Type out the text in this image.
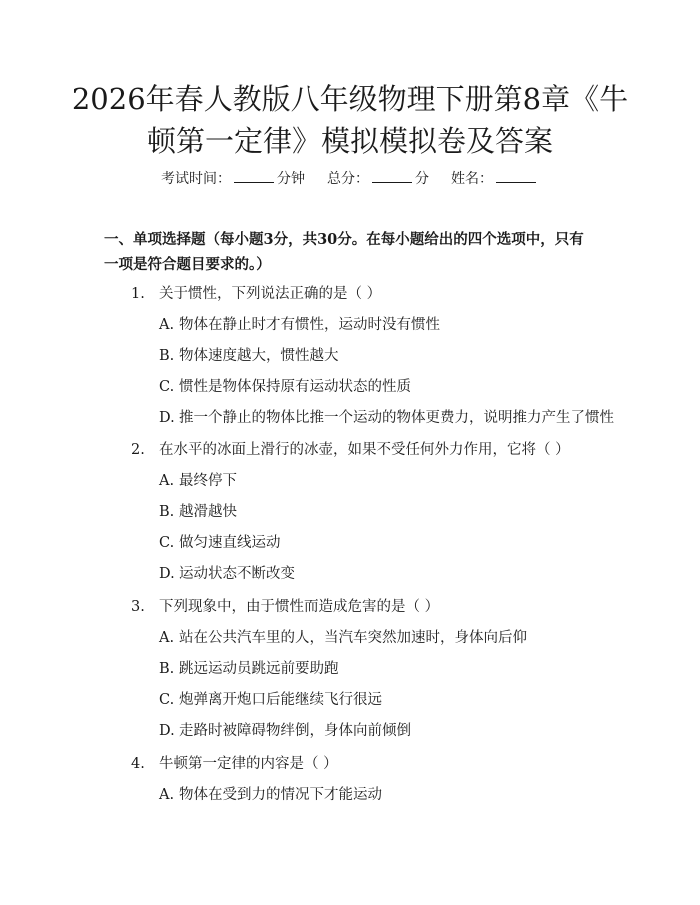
2026年春人教版八年级物理下册第8章《牛顿第一定律》模拟模拟卷及答案
考试时间：	分钟 总分：	分 姓名：
一、单项选择题（每小题3分，共30分。在每小题给出的四个选项中，只有一项是符合题目要求的。）
1. 关于惯性，下列说法正确的是（ ）
A. 物体在静止时才有惯性，运动时没有惯性
B. 物体速度越大，惯性越大
C. 惯性是物体保持原有运动状态的性质
D. 推一个静止的物体比推一个运动的物体更费力，说明推力产生了惯性
2. 在水平的冰面上滑行的冰壶，如果不受任何外力作用，它将（ ）
A. 最终停下
B. 越滑越快
C. 做匀速直线运动
D. 运动状态不断改变
3. 下列现象中，由于惯性而造成危害的是（ ）
A. 站在公共汽车里的人，当汽车突然加速时，身体向后仰
B. 跳远运动员跳远前要助跑
C. 炮弹离开炮口后能继续飞行很远
D. 走路时被障碍物绊倒，身体向前倾倒
4. 牛顿第一定律的内容是（ ）
A. 物体在受到力的情况下才能运动
